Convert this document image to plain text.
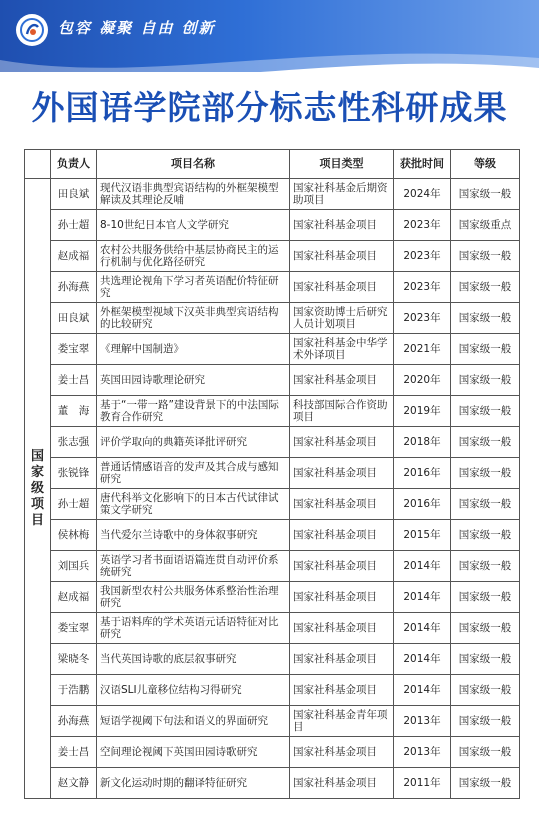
包容 凝聚 自由 创新
外国语学院部分标志性科研成果
	负责人	项目名称	项目类型	获批时间	等级
国家级项目	田良斌	现代汉语非典型宾语结构的外框架模型解读及其理论反哺	国家社科基金后期资助项目	2024年	国家级一般
	孙士超	8-10世纪日本官人文学研究	国家社科基金项目	2023年	国家级重点
	赵成福	农村公共服务供给中基层协商民主的运行机制与优化路径研究	国家社科基金项目	2023年	国家级一般
	孙海燕	共选理论视角下学习者英语配价特征研究	国家社科基金项目	2023年	国家级一般
	田良斌	外框架模型视域下汉英非典型宾语结构的比较研究	国家资助博士后研究人员计划项目	2023年	国家级一般
	娄宝翠	《理解中国制造》	国家社科基金中华学术外译项目	2021年	国家级一般
	姜士昌	英国田园诗歌理论研究	国家社科基金项目	2020年	国家级一般
	董　海	基于“一带一路”建设背景下的中法国际教育合作研究	科技部国际合作资助项目	2019年	国家级一般
	张志强	评价学取向的典籍英译批评研究	国家社科基金项目	2018年	国家级一般
	张锐锋	普通话情感语音的发声及其合成与感知研究	国家社科基金项目	2016年	国家级一般
	孙士超	唐代科举文化影响下的日本古代试律试策文学研究	国家社科基金项目	2016年	国家级一般
	侯林梅	当代爱尔兰诗歌中的身体叙事研究	国家社科基金项目	2015年	国家级一般
	刘国兵	英语学习者书面语语篇连贯自动评价系统研究	国家社科基金项目	2014年	国家级一般
	赵成福	我国新型农村公共服务体系整治性治理研究	国家社科基金项目	2014年	国家级一般
	娄宝翠	基于语料库的学术英语元话语特征对比研究	国家社科基金项目	2014年	国家级一般
	梁晓冬	当代英国诗歌的底层叙事研究	国家社科基金项目	2014年	国家级一般
	于浩鹏	汉语SLI儿童移位结构习得研究	国家社科基金项目	2014年	国家级一般
	孙海燕	短语学视阈下句法和语义的界面研究	国家社科基金青年项目	2013年	国家级一般
	姜士昌	空间理论视阈下英国田园诗歌研究	国家社科基金项目	2013年	国家级一般
	赵文静	新文化运动时期的翻译特征研究	国家社科基金项目	2011年	国家级一般
